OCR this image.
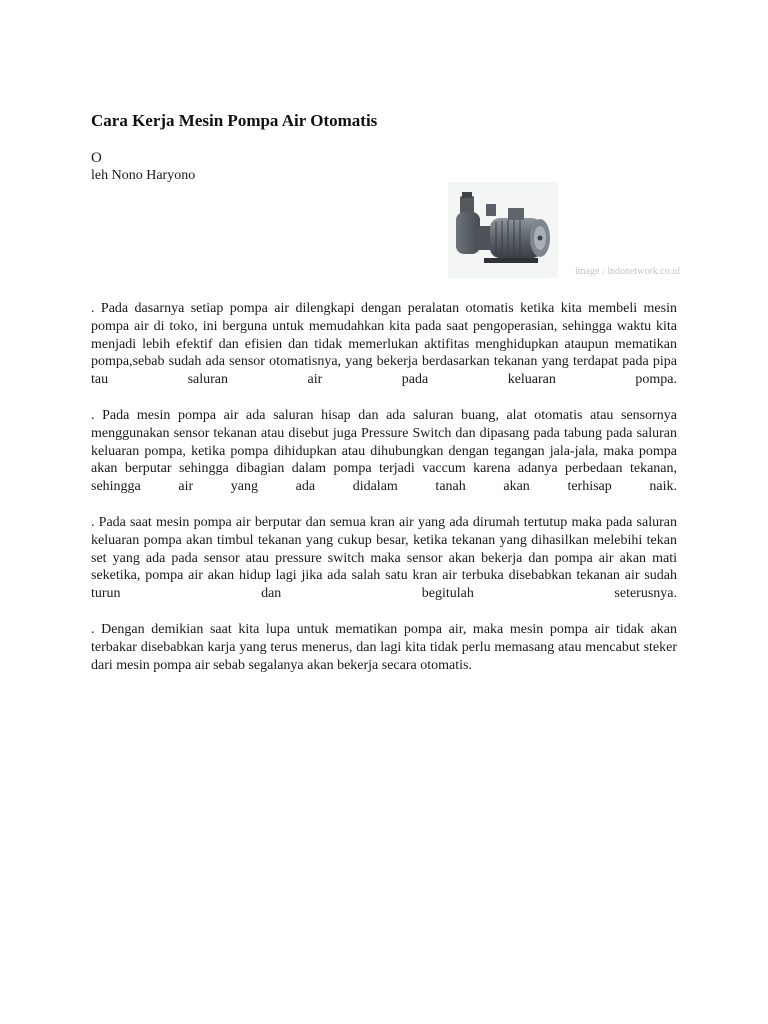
Cara Kerja Mesin Pompa Air Otomatis
O
leh Nono Haryono
image : indonetwork.co.id

. Pada dasarnya setiap pompa air dilengkapi dengan peralatan otomatis ketika kita membeli mesin pompa air di toko, ini berguna untuk memudahkan kita pada saat pengoperasian, sehingga waktu kita menjadi lebih efektif dan efisien dan tidak memerlukan aktifitas menghidupkan ataupun mematikan pompa,sebab sudah ada sensor otomatisnya, yang bekerja berdasarkan tekanan yang terdapat pada pipa tau saluran air pada keluaran pompa.

. Pada mesin pompa air ada saluran hisap dan ada saluran buang, alat otomatis atau sensornya menggunakan sensor tekanan atau disebut juga Pressure Switch dan dipasang pada tabung pada saluran keluaran pompa, ketika pompa dihidupkan atau dihubungkan dengan tegangan jala-jala, maka pompa akan berputar sehingga dibagian dalam pompa terjadi vaccum karena adanya perbedaan tekanan, sehingga air yang ada didalam tanah akan terhisap naik.

. Pada saat mesin pompa air berputar dan semua kran air yang ada dirumah tertutup maka pada saluran keluaran pompa akan timbul tekanan yang cukup besar, ketika tekanan yang dihasilkan melebihi tekan set yang ada pada sensor atau pressure switch maka sensor akan bekerja dan pompa air akan mati seketika, pompa air akan hidup lagi jika ada salah satu kran air terbuka disebabkan tekanan air sudah turun dan begitulah seterusnya.

. Dengan demikian saat kita lupa untuk mematikan pompa air, maka mesin pompa air tidak akan terbakar disebabkan karja yang terus menerus, dan lagi kita tidak perlu memasang atau mencabut steker dari mesin pompa air sebab segalanya akan bekerja secara otomatis.
